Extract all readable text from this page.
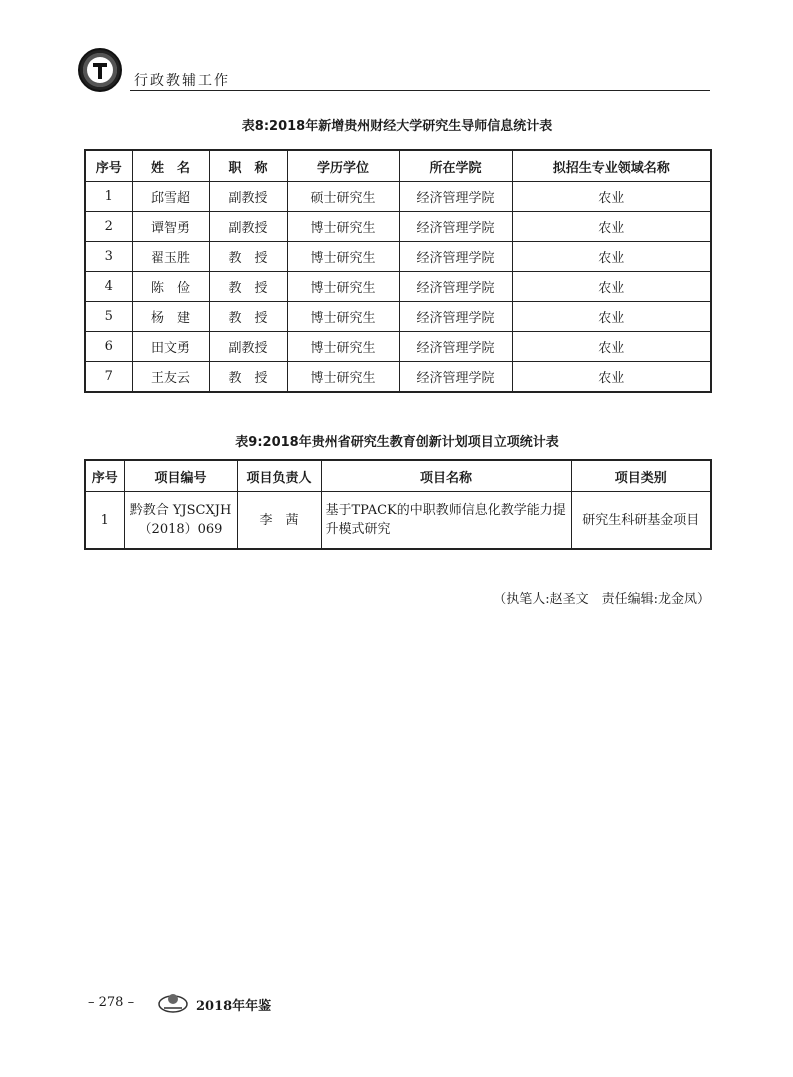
行政教辅工作
表8:2018年新增贵州财经大学研究生导师信息统计表
序号	姓　名	职　称	学历学位	所在学院	拟招生专业领域名称
1	邱雪超	副教授	硕士研究生	经济管理学院	农业
2	谭智勇	副教授	博士研究生	经济管理学院	农业
3	翟玉胜	教　授	博士研究生	经济管理学院	农业
4	陈　俭	教　授	博士研究生	经济管理学院	农业
5	杨　建	教　授	博士研究生	经济管理学院	农业
6	田文勇	副教授	博士研究生	经济管理学院	农业
7	王友云	教　授	博士研究生	经济管理学院	农业
表9:2018年贵州省研究生教育创新计划项目立项统计表
序号	项目编号	项目负责人	项目名称	项目类别
1	黔教合 YJSCXJH（2018）069	李　茜	基于TPACK的中职教师信息化教学能力提升模式研究	研究生科研基金项目
（执笔人:赵圣文　责任编辑:龙金凤）
– 278 –	2018年年鉴
